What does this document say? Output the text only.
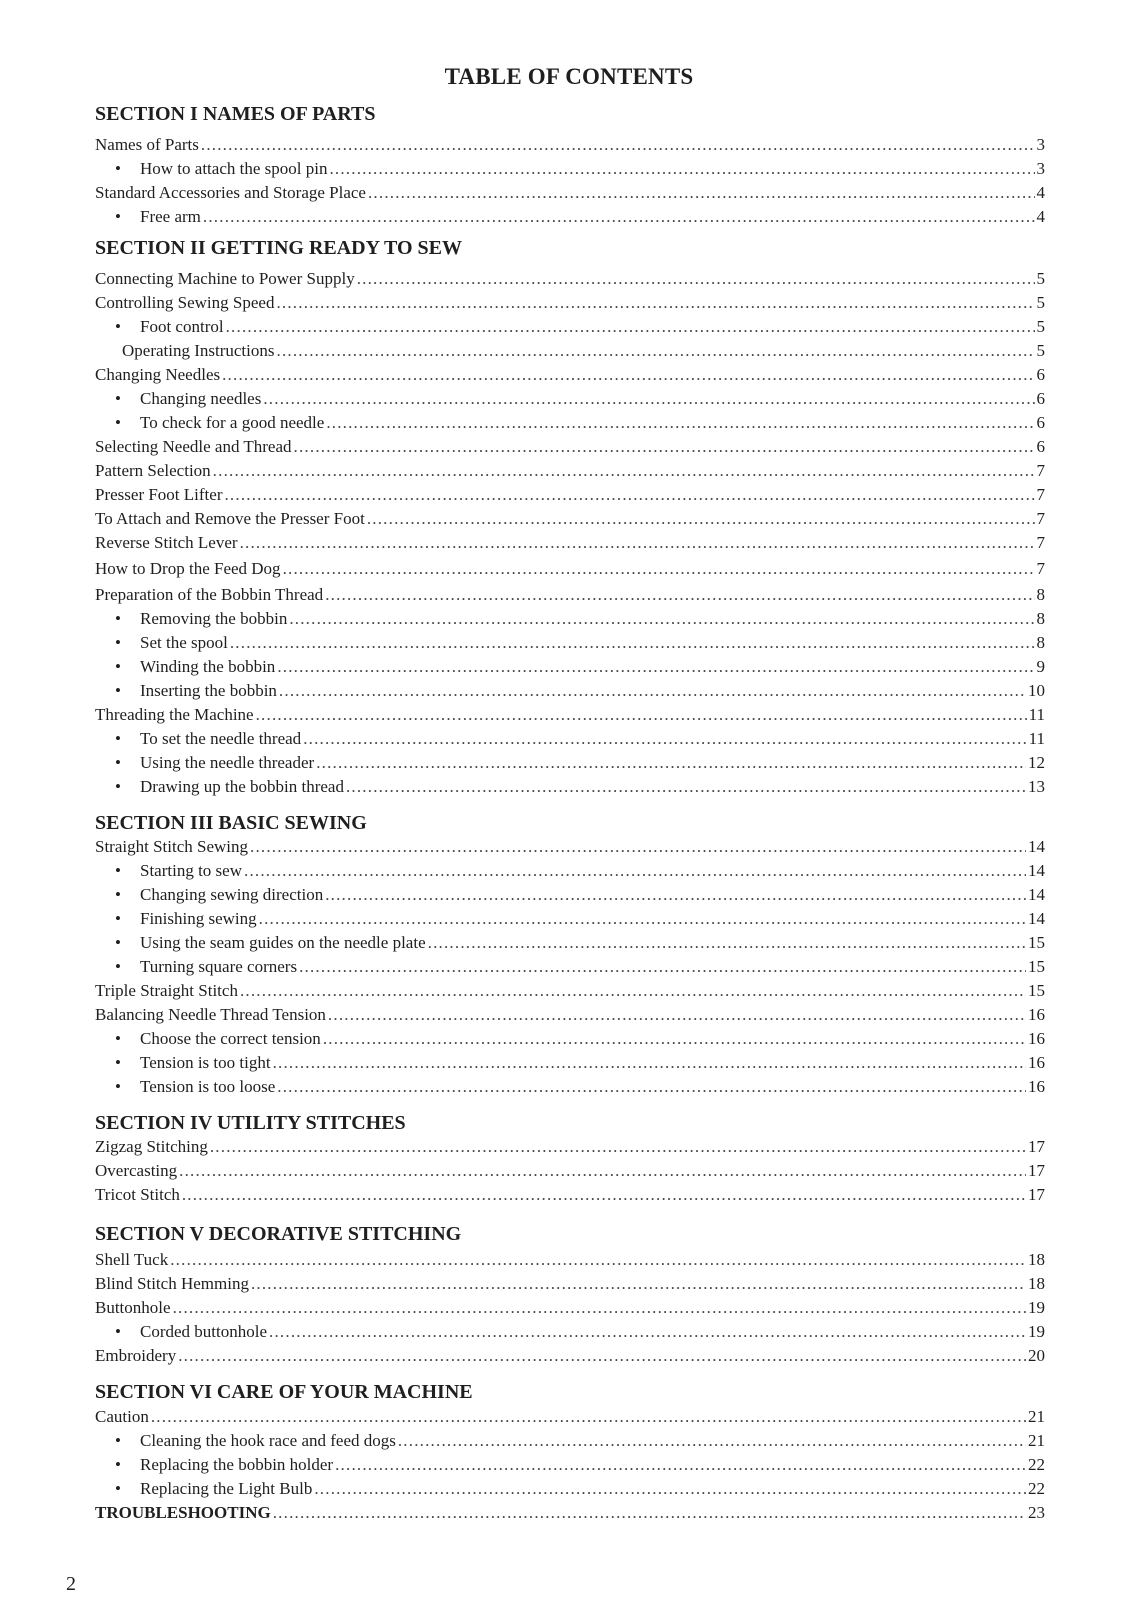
TABLE OF CONTENTS
SECTION I NAMES OF PARTS
Names of Parts .....	3
•	How to attach the spool pin .....	3
Standard Accessories and Storage Place .....	4
•	Free arm .....	4
SECTION II GETTING READY TO SEW
Connecting Machine to Power Supply .....	5
Controlling Sewing Speed .....	5
•	Foot control .....	5
Operating Instructions .....	5
Changing Needles .....	6
•	Changing needles .....	6
•	To check for a good needle .....	6
Selecting Needle and Thread .....	6
Pattern Selection .....	7
Presser Foot Lifter .....	7
To Attach and Remove the Presser Foot .....	7
Reverse Stitch Lever .....	7
How to Drop the Feed Dog .....	7
Preparation of the Bobbin Thread .....	8
•	Removing the bobbin .....	8
•	Set the spool .....	8
•	Winding the bobbin .....	9
•	Inserting the bobbin .....	10
Threading the Machine .....	11
•	To set the needle thread .....	11
•	Using the needle threader .....	12
•	Drawing up the bobbin thread .....	13
SECTION III BASIC SEWING
Straight Stitch Sewing .....	14
•	Starting to sew .....	14
•	Changing sewing direction .....	14
•	Finishing sewing .....	14
•	Using the seam guides on the needle plate .....	15
•	Turning square corners .....	15
Triple Straight Stitch .....	15
Balancing Needle Thread Tension .....	16
•	Choose the correct tension .....	16
•	Tension is too tight .....	16
•	Tension is too loose .....	16
SECTION IV UTILITY STITCHES
Zigzag Stitching .....	17
Overcasting .....	17
Tricot Stitch .....	17
SECTION V DECORATIVE STITCHING
Shell Tuck .....	18
Blind Stitch Hemming .....	18
Buttonhole .....	19
•	Corded buttonhole .....	19
Embroidery .....	20
SECTION VI CARE OF YOUR MACHINE
Caution .....	21
•	Cleaning the hook race and feed dogs .....	21
•	Replacing the bobbin holder .....	22
•	Replacing the Light Bulb .....	22
TROUBLESHOOTING .....	23
2
